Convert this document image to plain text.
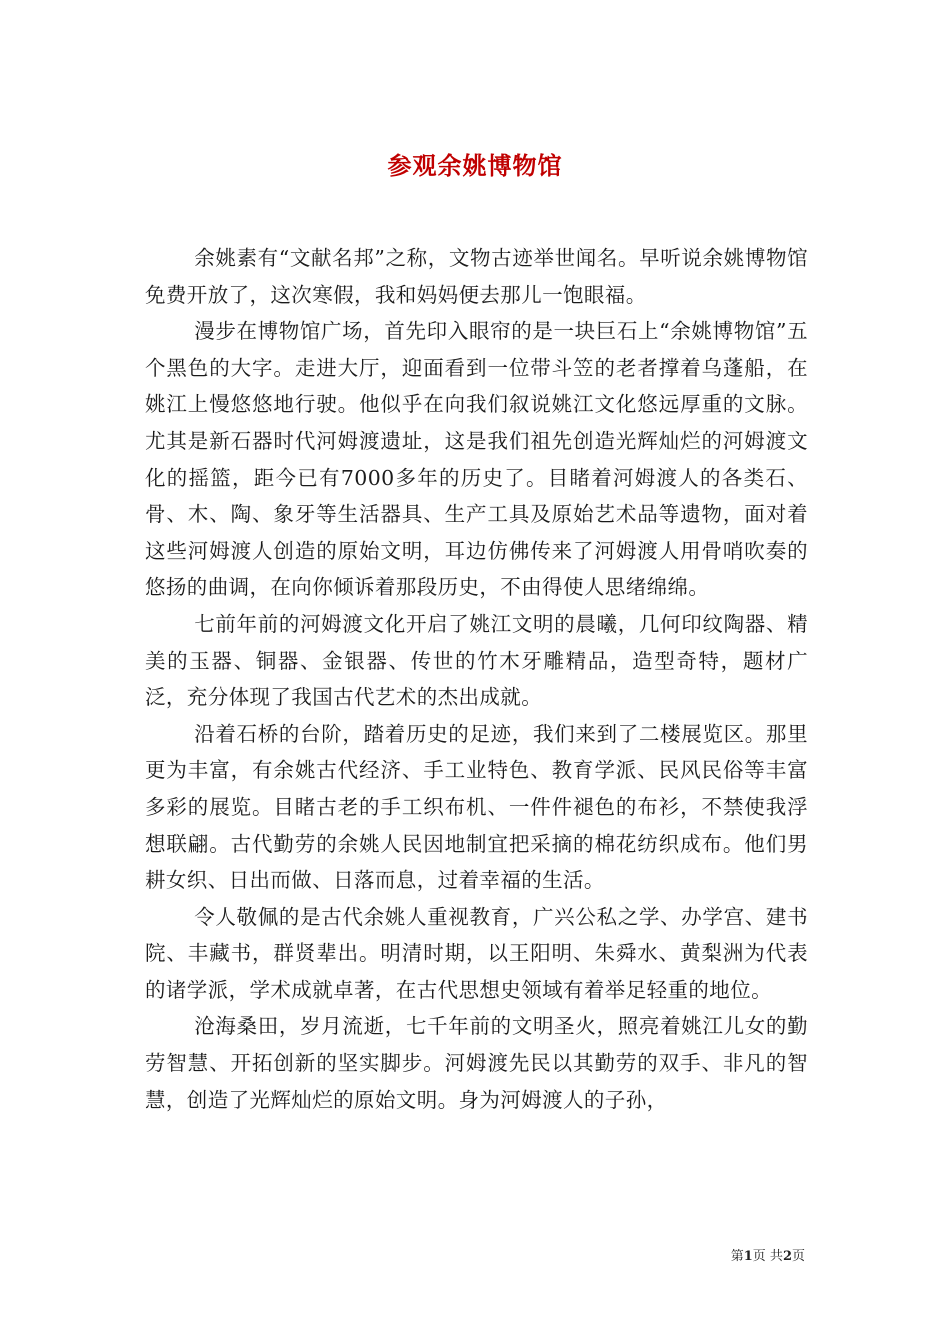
参观余姚博物馆

余姚素有“文献名邦”之称，文物古迹举世闻名。早听说余姚博物馆免费开放了，这次寒假，我和妈妈便去那儿一饱眼福。

漫步在博物馆广场，首先印入眼帘的是一块巨石上“余姚博物馆”五个黑色的大字。走进大厅，迎面看到一位带斗笠的老者撑着乌蓬船，在姚江上慢悠悠地行驶。他似乎在向我们叙说姚江文化悠远厚重的文脉。尤其是新石器时代河姆渡遗址，这是我们祖先创造光辉灿烂的河姆渡文化的摇篮，距今已有7000多年的历史了。目睹着河姆渡人的各类石、骨、木、陶、象牙等生活器具、生产工具及原始艺术品等遗物，面对着这些河姆渡人创造的原始文明，耳边仿佛传来了河姆渡人用骨哨吹奏的悠扬的曲调，在向你倾诉着那段历史，不由得使人思绪绵绵。

七前年前的河姆渡文化开启了姚江文明的晨曦，几何印纹陶器、精美的玉器、铜器、金银器、传世的竹木牙雕精品，造型奇特，题材广泛，充分体现了我国古代艺术的杰出成就。

沿着石桥的台阶，踏着历史的足迹，我们来到了二楼展览区。那里更为丰富，有余姚古代经济、手工业特色、教育学派、民风民俗等丰富多彩的展览。目睹古老的手工织布机、一件件褪色的布衫，不禁使我浮想联翩。古代勤劳的余姚人民因地制宜把采摘的棉花纺织成布。他们男耕女织、日出而做、日落而息，过着幸福的生活。

令人敬佩的是古代余姚人重视教育，广兴公私之学、办学宫、建书院、丰藏书，群贤辈出。明清时期，以王阳明、朱舜水、黄梨洲为代表的诸学派，学术成就卓著，在古代思想史领域有着举足轻重的地位。

沧海桑田，岁月流逝，七千年前的文明圣火，照亮着姚江儿女的勤劳智慧、开拓创新的坚实脚步。河姆渡先民以其勤劳的双手、非凡的智慧，创造了光辉灿烂的原始文明。身为河姆渡人的子孙，

第1页 共2页
